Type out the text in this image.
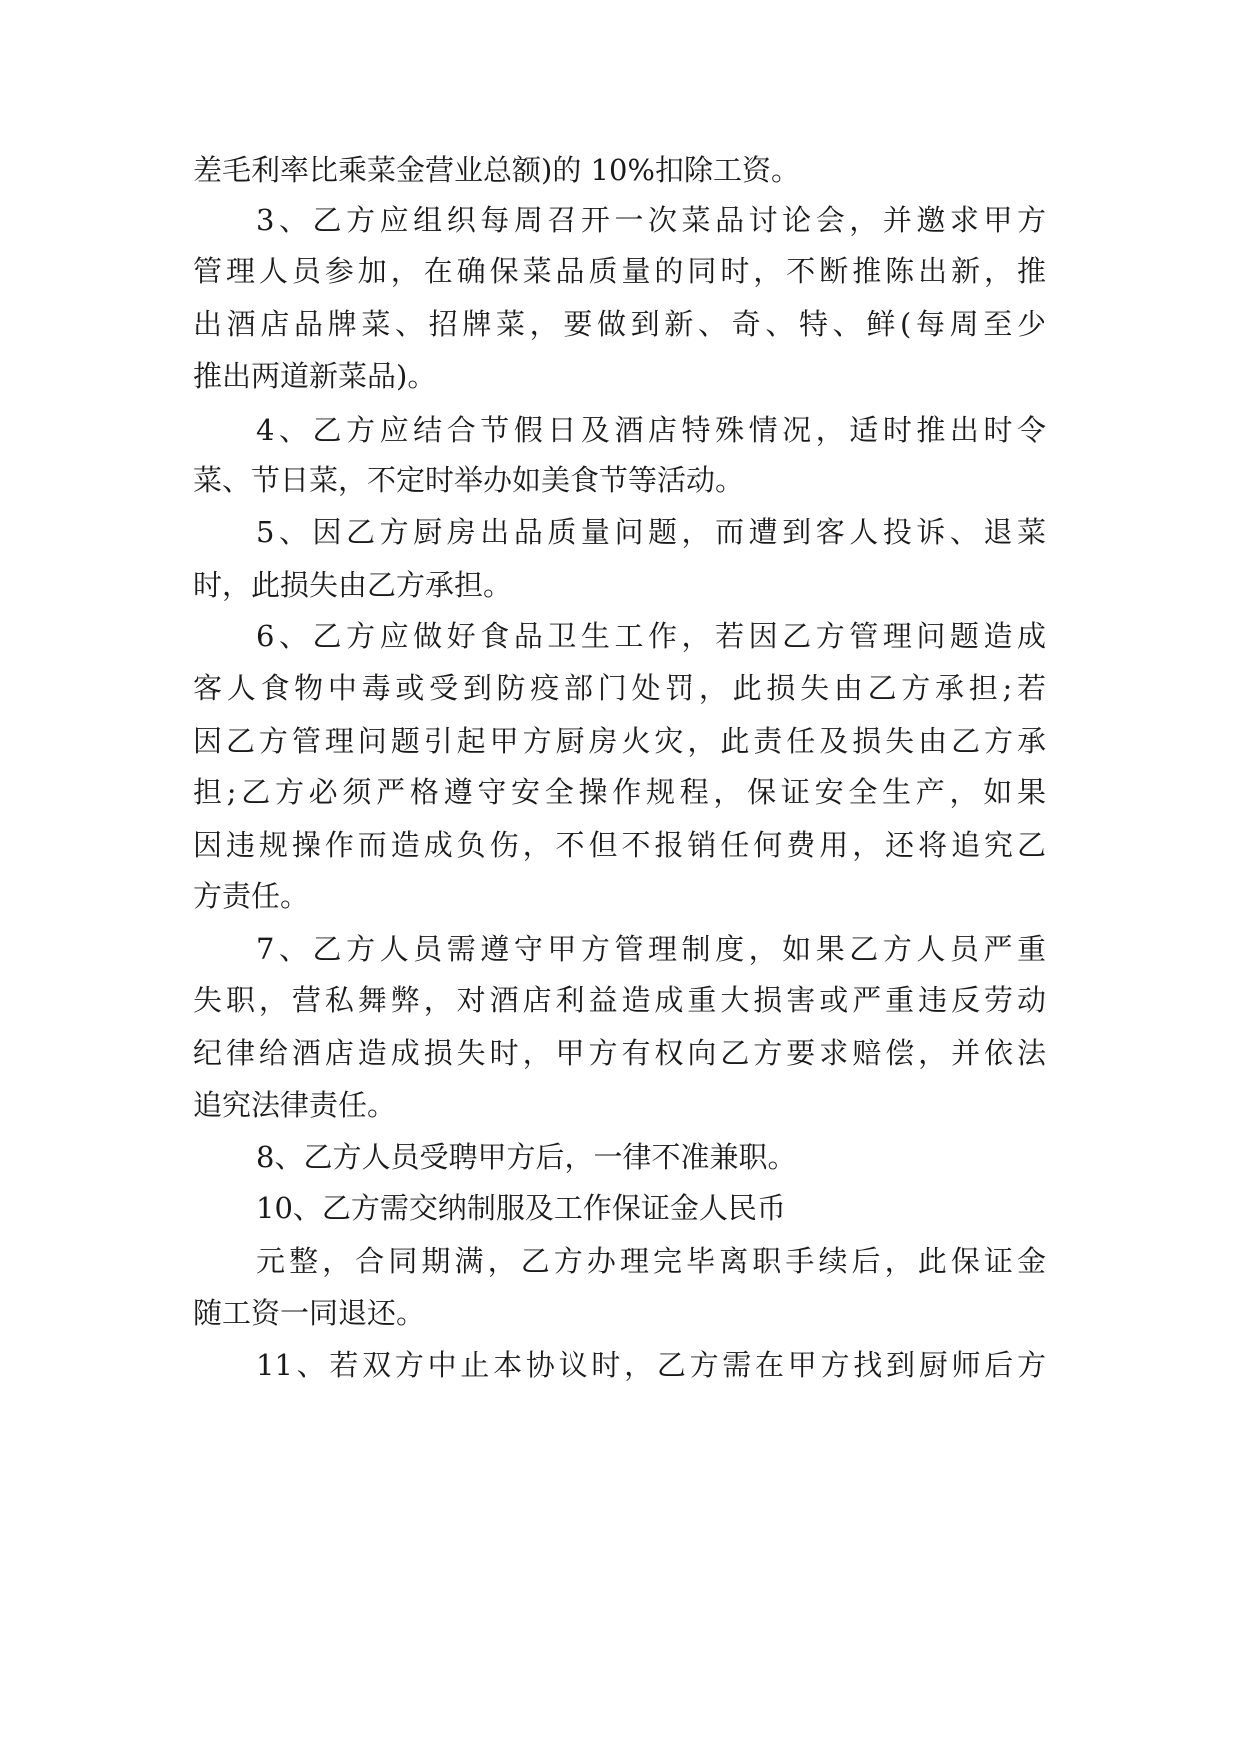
差毛利率比乘菜金营业总额)的 10%扣除工资。
3、乙方应组织每周召开一次菜品讨论会，并邀求甲方
管理人员参加，在确保菜品质量的同时，不断推陈出新，推
出酒店品牌菜、招牌菜，要做到新、奇、特、鲜(每周至少
推出两道新菜品)。
4、乙方应结合节假日及酒店特殊情况，适时推出时令
菜、节日菜，不定时举办如美食节等活动。
5、因乙方厨房出品质量问题，而遭到客人投诉、退菜
时，此损失由乙方承担。
6、乙方应做好食品卫生工作，若因乙方管理问题造成
客人食物中毒或受到防疫部门处罚，此损失由乙方承担;若
因乙方管理问题引起甲方厨房火灾，此责任及损失由乙方承
担;乙方必须严格遵守安全操作规程，保证安全生产，如果
因违规操作而造成负伤，不但不报销任何费用，还将追究乙
方责任。
7、乙方人员需遵守甲方管理制度，如果乙方人员严重
失职，营私舞弊，对酒店利益造成重大损害或严重违反劳动
纪律给酒店造成损失时，甲方有权向乙方要求赔偿，并依法
追究法律责任。
8、乙方人员受聘甲方后，一律不准兼职。
10、乙方需交纳制服及工作保证金人民币
元整，合同期满，乙方办理完毕离职手续后，此保证金
随工资一同退还。
11、若双方中止本协议时，乙方需在甲方找到厨师后方
